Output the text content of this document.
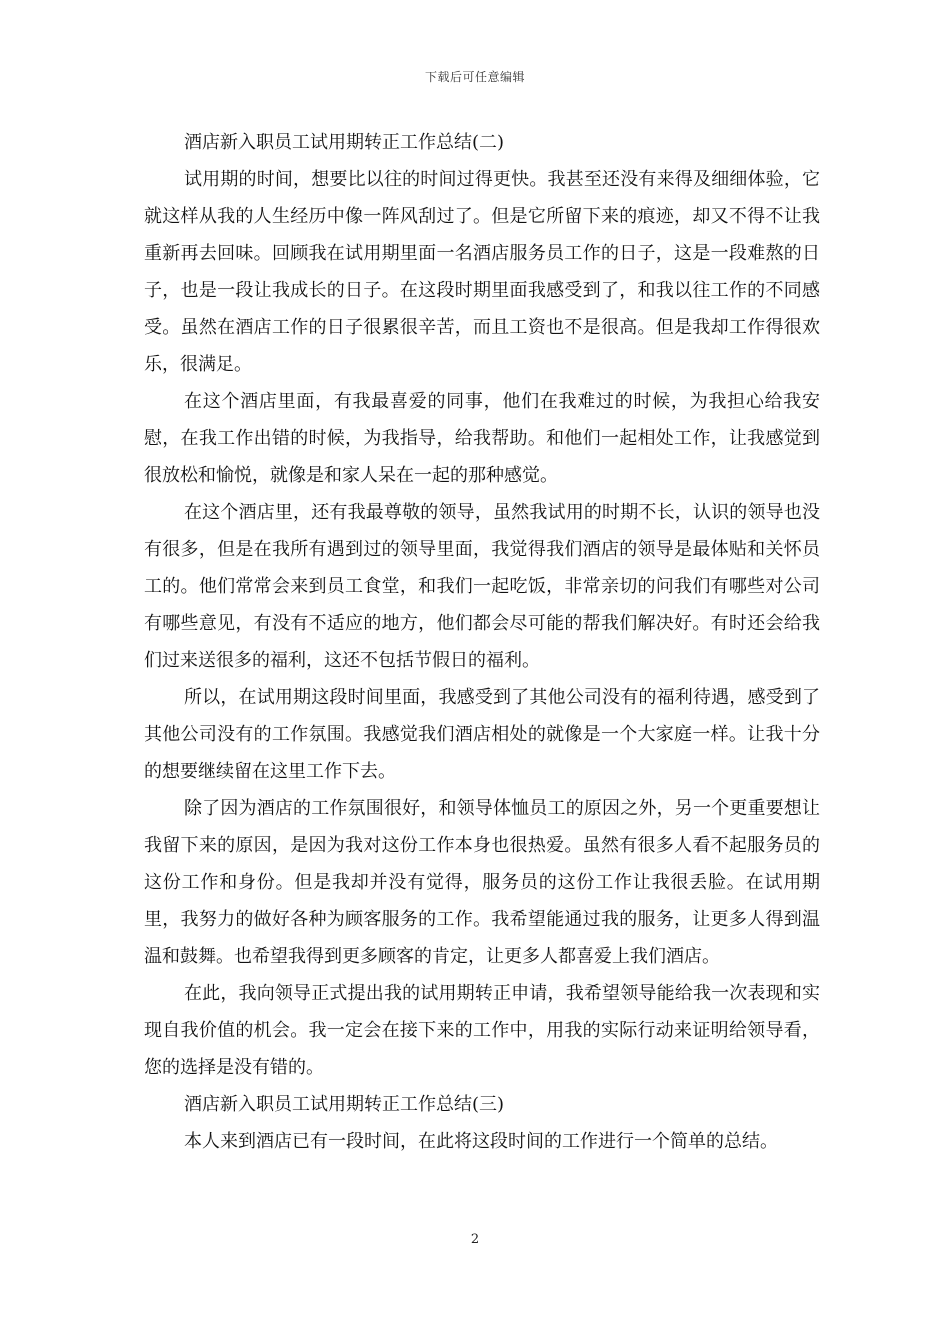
下载后可任意编辑

酒店新入职员工试用期转正工作总结(二)

试用期的时间，想要比以往的时间过得更快。我甚至还没有来得及细细体验，它就这样从我的人生经历中像一阵风刮过了。但是它所留下来的痕迹，却又不得不让我重新再去回味。回顾我在试用期里面一名酒店服务员工作的日子，这是一段难熬的日子，也是一段让我成长的日子。在这段时期里面我感受到了，和我以往工作的不同感受。虽然在酒店工作的日子很累很辛苦，而且工资也不是很高。但是我却工作得很欢乐，很满足。

在这个酒店里面，有我最喜爱的同事，他们在我难过的时候，为我担心给我安慰，在我工作出错的时候，为我指导，给我帮助。和他们一起相处工作，让我感觉到很放松和愉悦，就像是和家人呆在一起的那种感觉。

在这个酒店里，还有我最尊敬的领导，虽然我试用的时期不长，认识的领导也没有很多，但是在我所有遇到过的领导里面，我觉得我们酒店的领导是最体贴和关怀员工的。他们常常会来到员工食堂，和我们一起吃饭，非常亲切的问我们有哪些对公司有哪些意见，有没有不适应的地方，他们都会尽可能的帮我们解决好。有时还会给我们过来送很多的福利，这还不包括节假日的福利。

所以，在试用期这段时间里面，我感受到了其他公司没有的福利待遇，感受到了其他公司没有的工作氛围。我感觉我们酒店相处的就像是一个大家庭一样。让我十分的想要继续留在这里工作下去。

除了因为酒店的工作氛围很好，和领导体恤员工的原因之外，另一个更重要想让我留下来的原因，是因为我对这份工作本身也很热爱。虽然有很多人看不起服务员的这份工作和身份。但是我却并没有觉得，服务员的这份工作让我很丢脸。在试用期里，我努力的做好各种为顾客服务的工作。我希望能通过我的服务，让更多人得到温温和鼓舞。也希望我得到更多顾客的肯定，让更多人都喜爱上我们酒店。

在此，我向领导正式提出我的试用期转正申请，我希望领导能给我一次表现和实现自我价值的机会。我一定会在接下来的工作中，用我的实际行动来证明给领导看，您的选择是没有错的。

酒店新入职员工试用期转正工作总结(三)

本人来到酒店已有一段时间，在此将这段时间的工作进行一个简单的总结。

2
